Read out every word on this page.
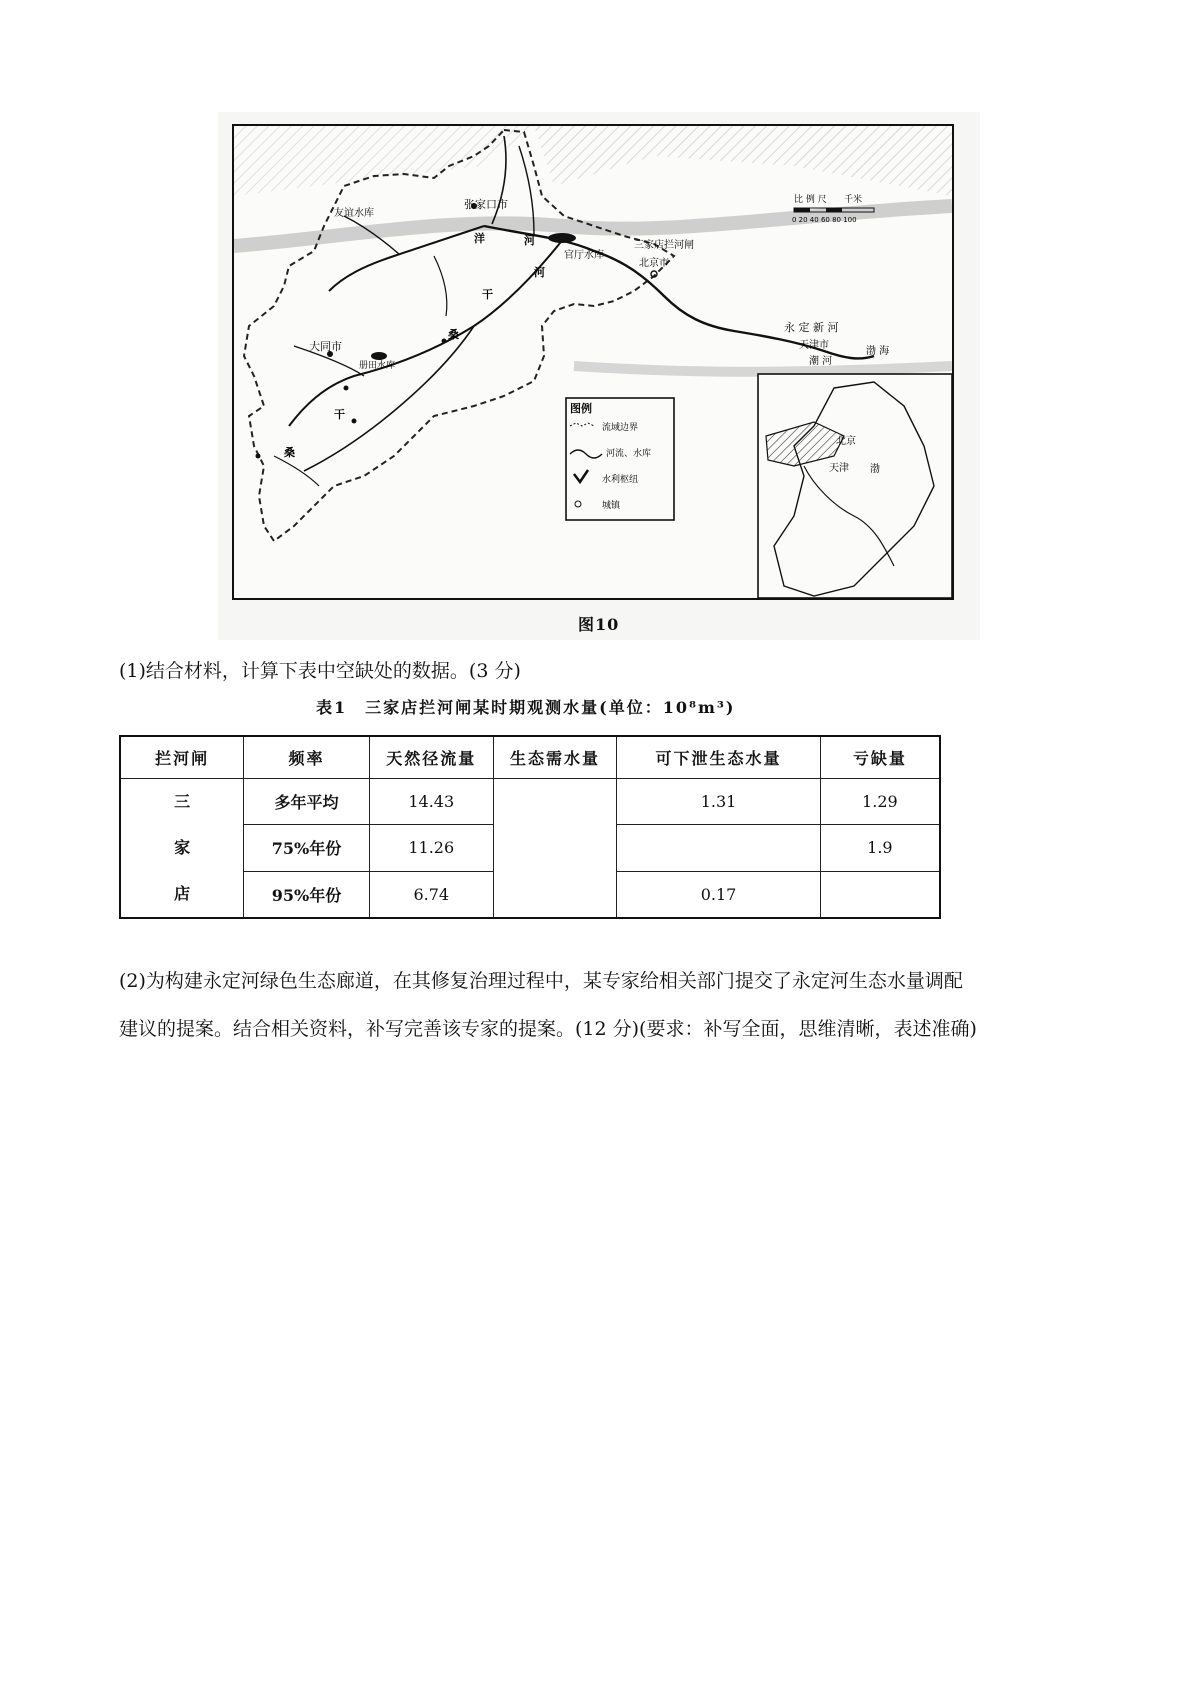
张家口市
友谊水库
官厅水库
三家店拦河闸
北京市
大同市
册田水库
洋	河
河
干
桑
干
桑
永 定 新 河
天津市
潮 河
渤 海
比 例 尺 千米
0 20 40 60 80 100
图例
流域边界
河流、水库
水利枢纽
城镇
北京
天津 渤
图10
(1)结合材料，计算下表中空缺处的数据。(3 分)
表1　三家店拦河闸某时期观测水量(单位：10⁸m³)
拦河闸	频率	天然径流量	生态需水量	可下泄生态水量	亏缺量

三
家
店	多年平均	14.43		1.31	1.29
	75%年份	11.26			1.9
	95%年份	6.74		0.17	
(2)为构建永定河绿色生态廊道，在其修复治理过程中，某专家给相关部门提交了永定河生态水量调配
建议的提案。结合相关资料，补写完善该专家的提案。(12 分)(要求：补写全面，思维清晰，表述准确)
